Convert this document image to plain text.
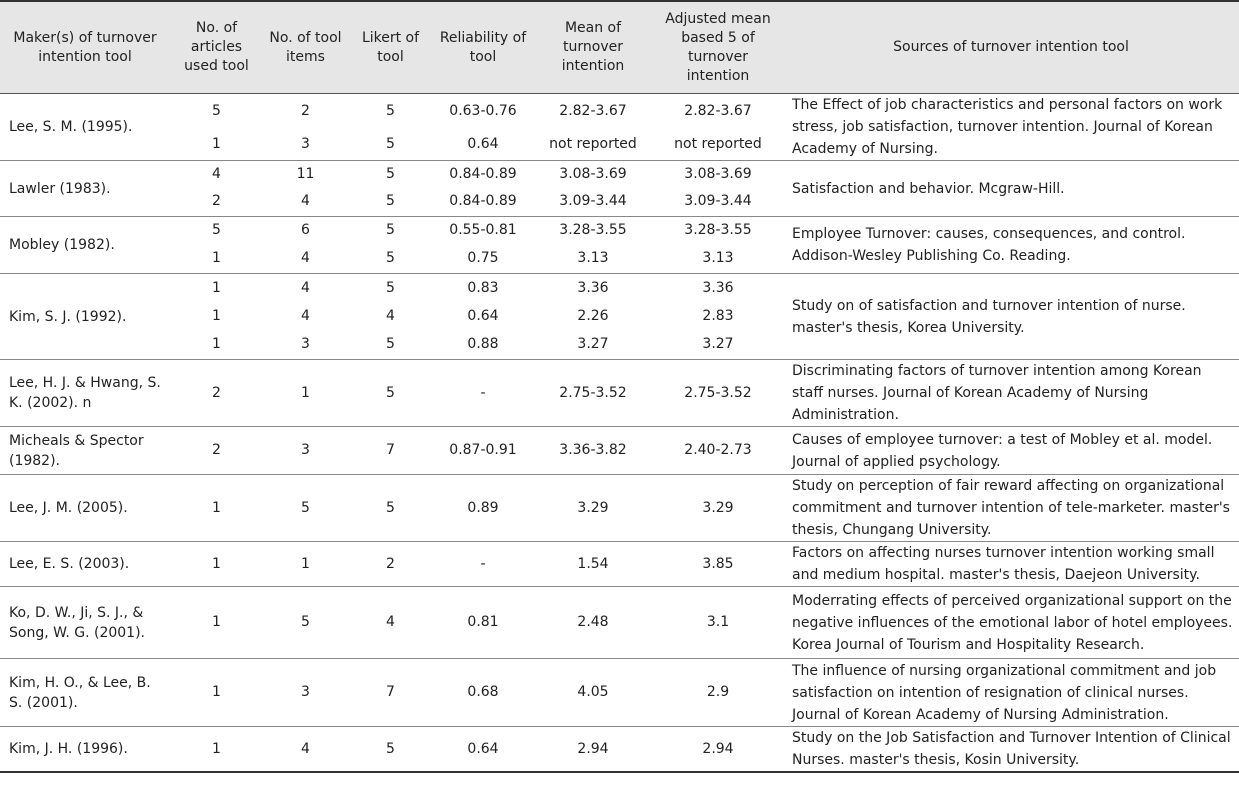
Maker(s) of turnover intention tool	No. of articles used tool	No. of tool items	Likert of tool	Reliability of tool	Mean of turnover intention	Adjusted mean based 5 of turnover intention	Sources of turnover intention tool
Lee, S. M. (1995).	5	2	5	0.63-0.76	2.82-3.67	2.82-3.67	The Effect of job characteristics and personal factors on work stress, job satisfaction, turnover intention. Journal of Korean Academy of Nursing.
	1	3	5	0.64	not reported	not reported	
Lawler (1983).	4	11	5	0.84-0.89	3.08-3.69	3.08-3.69	Satisfaction and behavior. Mcgraw-Hill.
	2	4	5	0.84-0.89	3.09-3.44	3.09-3.44	
Mobley (1982).	5	6	5	0.55-0.81	3.28-3.55	3.28-3.55	Employee Turnover: causes, consequences, and control. Addison-Wesley Publishing Co. Reading.
	1	4	5	0.75	3.13	3.13	
Kim, S. J. (1992).	1	4	5	0.83	3.36	3.36	Study on of satisfaction and turnover intention of nurse. master's thesis, Korea University.
	1	4	4	0.64	2.26	2.83	
	1	3	5	0.88	3.27	3.27	
Lee, H. J. & Hwang, S. K. (2002). n	2	1	5	-	2.75-3.52	2.75-3.52	Discriminating factors of turnover intention among Korean staff nurses. Journal of Korean Academy of Nursing Administration.
Micheals & Spector (1982).	2	3	7	0.87-0.91	3.36-3.82	2.40-2.73	Causes of employee turnover: a test of Mobley et al. model. Journal of applied psychology.
Lee, J. M. (2005).	1	5	5	0.89	3.29	3.29	Study on perception of fair reward affecting on organizational commitment and turnover intention of tele-marketer. master's thesis, Chungang University.
Lee, E. S. (2003).	1	1	2	-	1.54	3.85	Factors on affecting nurses turnover intention working small and medium hospital. master's thesis, Daejeon University.
Ko, D. W., Ji, S. J., & Song, W. G. (2001).	1	5	4	0.81	2.48	3.1	Moderrating effects of perceived organizational support on the negative influences of the emotional labor of hotel employees. Korea Journal of Tourism and Hospitality Research.
Kim, H. O., & Lee, B. S. (2001).	1	3	7	0.68	4.05	2.9	The influence of nursing organizational commitment and job satisfaction on intention of resignation of clinical nurses. Journal of Korean Academy of Nursing Administration.
Kim, J. H. (1996).	1	4	5	0.64	2.94	2.94	Study on the Job Satisfaction and Turnover Intention of Clinical Nurses. master's thesis, Kosin University.
